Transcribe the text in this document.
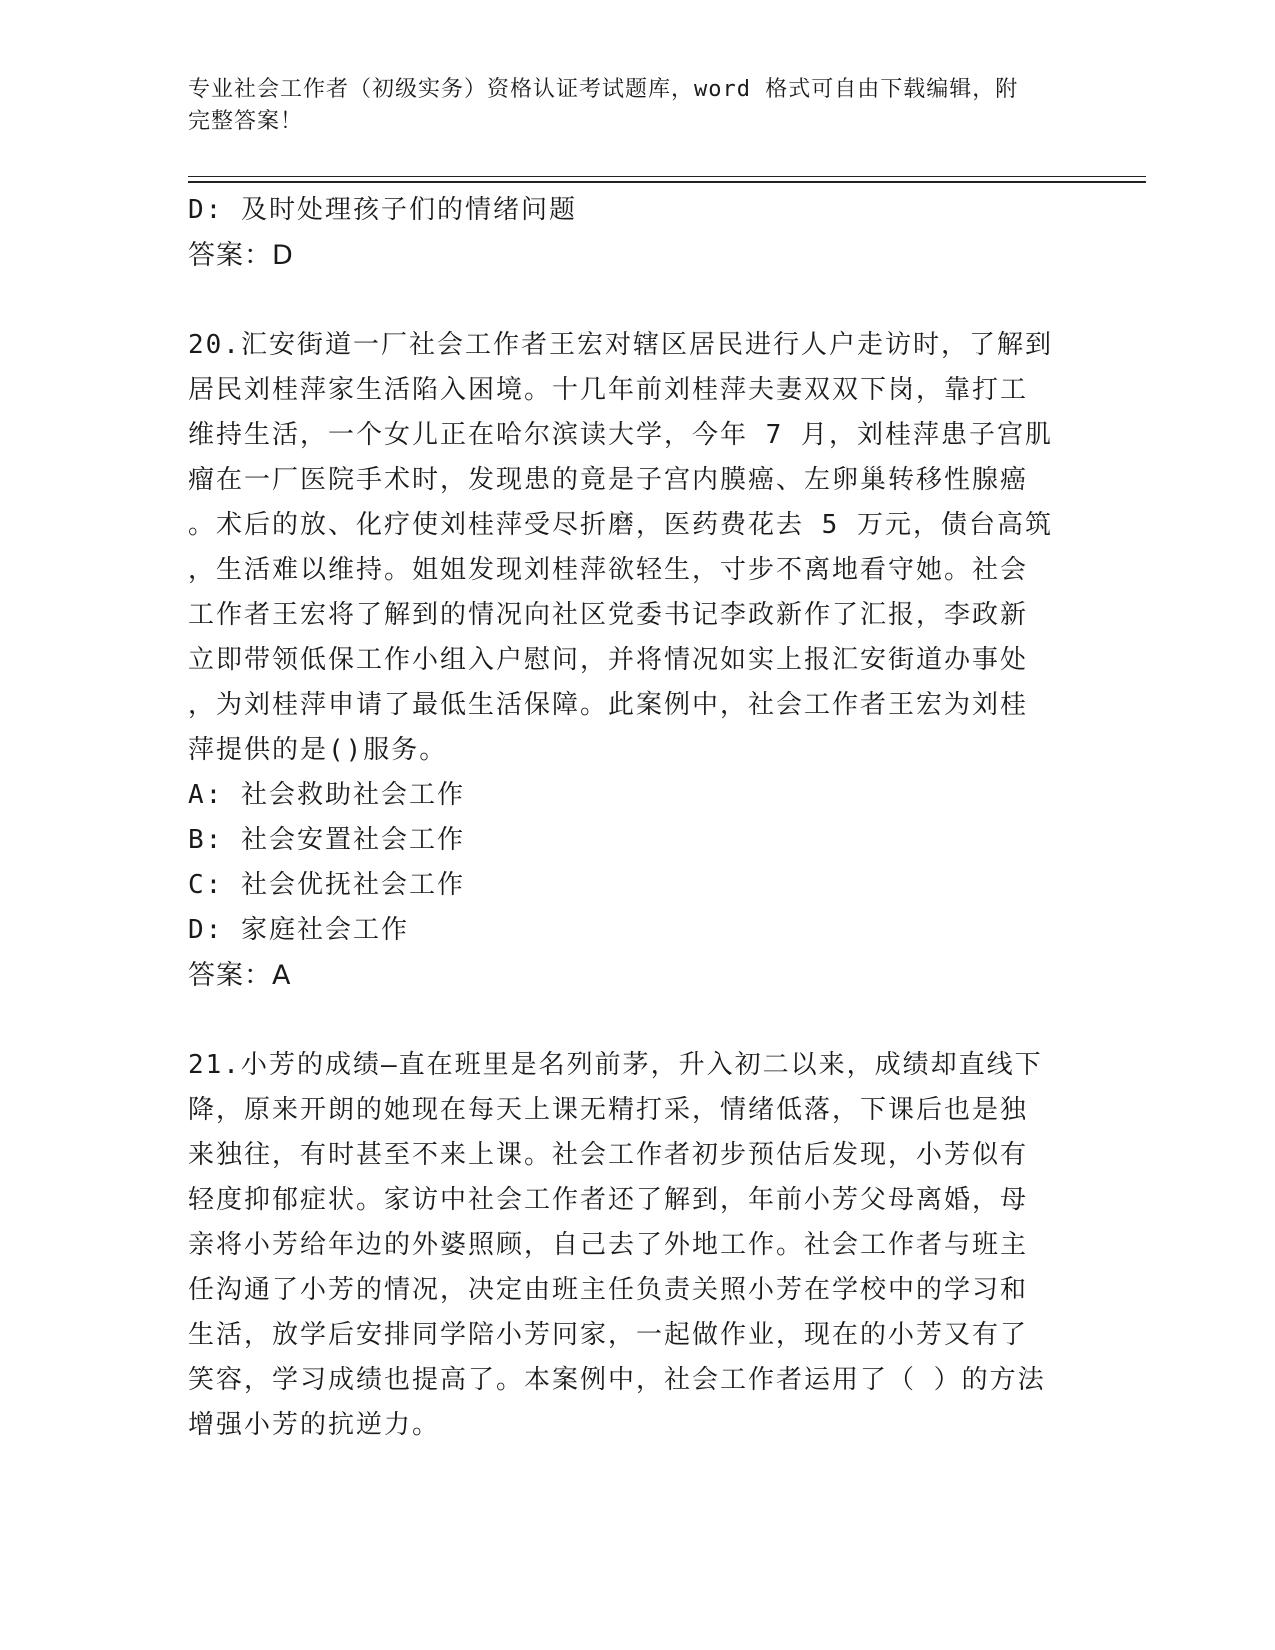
专业社会工作者（初级实务）资格认证考试题库，word 格式可自由下载编辑，附
完整答案！
D: 及时处理孩子们的情绪问题
答案：D
20.汇安街道一厂社会工作者王宏对辖区居民进行人户走访时，了解到
居民刘桂萍家生活陷入困境。十几年前刘桂萍夫妻双双下岗，靠打工
维持生活，一个女儿正在哈尔滨读大学，今年 7 月，刘桂萍患子宫肌
瘤在一厂医院手术时，发现患的竟是子宫内膜癌、左卵巢转移性腺癌
。术后的放、化疗使刘桂萍受尽折磨，医药费花去 5 万元，债台高筑
，生活难以维持。姐姐发现刘桂萍欲轻生，寸步不离地看守她。社会
工作者王宏将了解到的情况向社区党委书记李政新作了汇报，李政新
立即带领低保工作小组入户慰问，并将情况如实上报汇安街道办事处
，为刘桂萍申请了最低生活保障。此案例中，社会工作者王宏为刘桂
萍提供的是()服务。
A: 社会救助社会工作
B: 社会安置社会工作
C: 社会优抚社会工作
D: 家庭社会工作
答案：A
21.小芳的成绩—直在班里是名列前茅，升入初二以来，成绩却直线下
降，原来开朗的她现在每天上课无精打采，情绪低落，下课后也是独
来独往，有时甚至不来上课。社会工作者初步预估后发现，小芳似有
轻度抑郁症状。家访中社会工作者还了解到，年前小芳父母离婚，母
亲将小芳给年边的外婆照顾，自己去了外地工作。社会工作者与班主
任沟通了小芳的情况，决定由班主任负责关照小芳在学校中的学习和
生活，放学后安排同学陪小芳冋家，一起做作业，现在的小芳又有了
笑容，学习成绩也提高了。本案例中，社会工作者运用了（ ）的方法
增强小芳的抗逆力。
